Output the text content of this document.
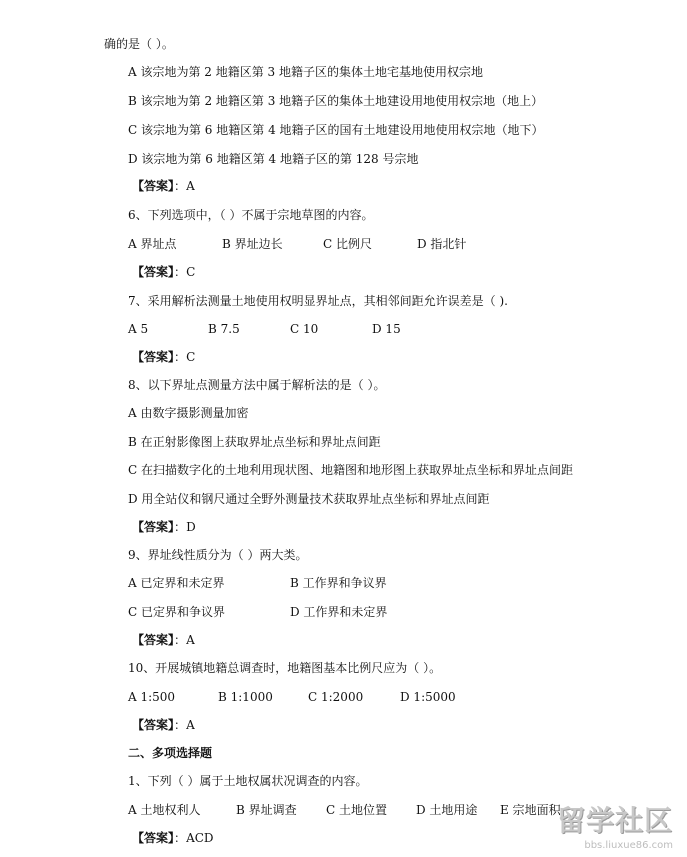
确的是（ ）。
A 该宗地为第 2 地籍区第 3 地籍子区的集体土地宅基地使用权宗地
B 该宗地为第 2 地籍区第 3 地籍子区的集体土地建设用地使用权宗地（地上）
C 该宗地为第 6 地籍区第 4 地籍子区的国有土地建设用地使用权宗地（地下）
D 该宗地为第 6 地籍区第 4 地籍子区的第 128 号宗地
【答案】：A
6、下列选项中，（ ）不属于宗地草图的内容。
A 界址点	B 界址边长	C 比例尺	D 指北针
【答案】：C
7、采用解析法测量土地使用权明显界址点，其相邻间距允许误差是（ ).
A 5	B 7.5	C 10	D 15
【答案】：C
8、以下界址点测量方法中属于解析法的是（ ）。
A 由数字摄影测量加密
B 在正射影像图上获取界址点坐标和界址点间距
C 在扫描数字化的土地利用现状图、地籍图和地形图上获取界址点坐标和界址点间距
D 用全站仪和钢尺通过全野外测量技术获取界址点坐标和界址点间距
【答案】：D
9、界址线性质分为（ ）两大类。
A 已定界和未定界	B 工作界和争议界
C 已定界和争议界	D 工作界和未定界
【答案】：A
10、开展城镇地籍总调查时，地籍图基本比例尺应为（ ）。
A 1:500	B 1:1000	C 1:2000	D 1:5000
【答案】：A
二、多项选择题
1、下列（ ）属于土地权属状况调查的内容。
A 土地权利人	B 界址调查 C 土地位置 D 土地用途 E 宗地面积
【答案】：ACD
留学社区
bbs.liuxue86.com
